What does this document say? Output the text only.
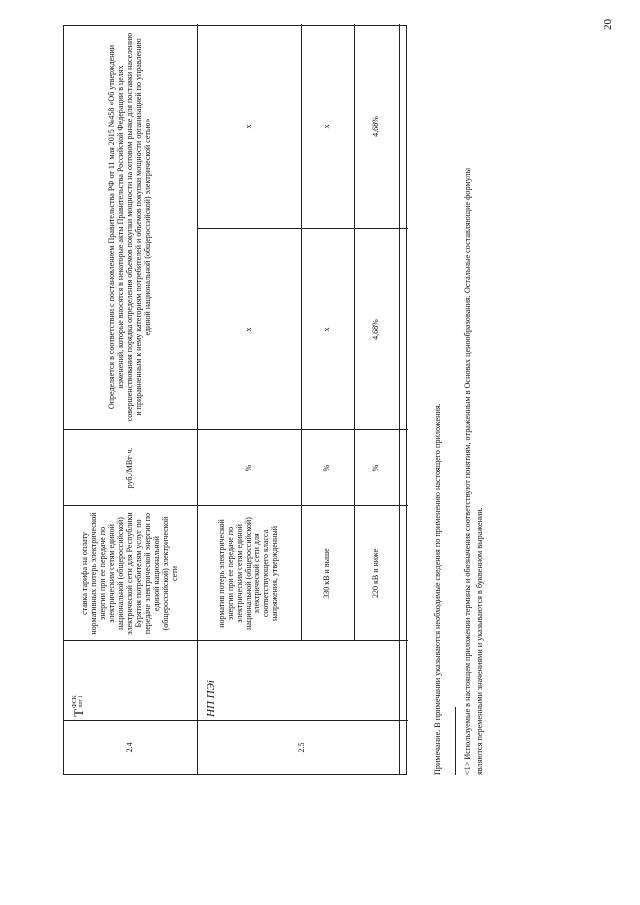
20
2.4
T
ФСК пот i
ставка тарифа на оплату нормативных потерь электрической энергии при ее передаче по электрическим сетям единой национальной (общероссийской) электрической сети для Республики Бурятия потребителям услуг по передаче электрической энергии по единой национальной (общероссийской) электрической сети
руб./МВт·ч.
Определяется в соответствии с постановлением Правительства РФ от 11 мая 2015 №458 «Об утверждении изменений, которые вносятся в некоторые акты Правительства Российской Федерации в целях совершенствования порядка определения объемов покупки мощности на оптовом рынке для поставки населению и приравненным к нему категориям потребителей и объемов покупки мощности организацией по управлению единой национальной (общероссийской) электрической сетью»
2.5
НП ПЭi
норматив потерь электрической энергии при ее передаче по электрическим сетям единой национальной (общероссийской) электрической сети для соответствующего класса напряжения, утвержденный
%
x
x
330 кВ и выше
%
x
x
220 кВ и ниже
%
4,68%
4,68%
Примечание. В примечании указываются необходимые сведения по применению настоящего приложения.	<1> Используемые в настоящем приложении термины и обозначения соответствуют понятиям, отраженным в Основах ценообразования. Остальные составляющие формулы являются переменными значениями и указываются в буквенном выражении.
